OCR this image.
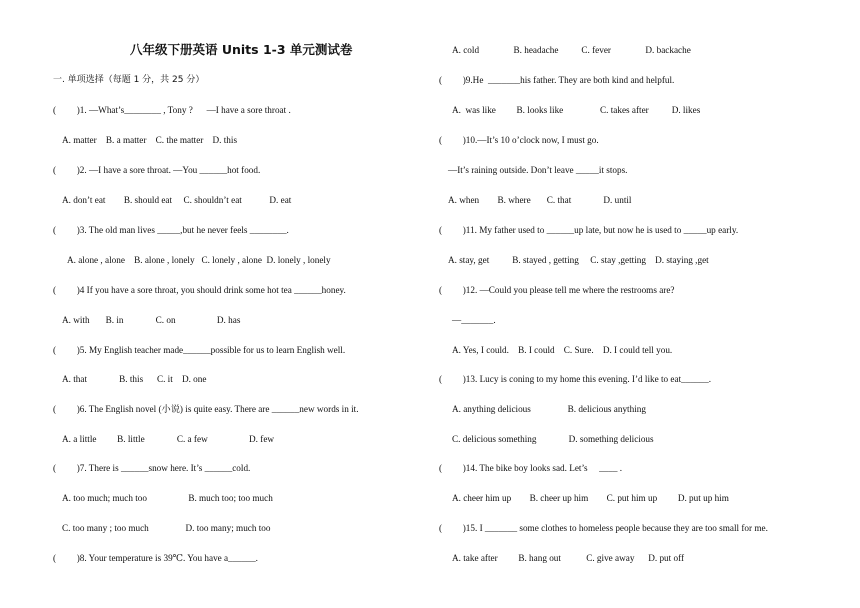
八年级下册英语 Units 1-3 单元测试卷
一. 单项选择（每题 1 分，共 25 分）
(         )1. —What’s________ , Tony ?      —I have a sore throat .
A. matter    B. a matter    C. the matter    D. this
(         )2. —I have a sore throat. —You ______hot food.
A. don’t eat        B. should eat     C. shouldn’t eat            D. eat
(         )3. The old man lives _____,but he never feels ________.
A. alone , alone    B. alone , lonely   C. lonely , alone  D. lonely , lonely
(         )4 If you have a sore throat, you should drink some hot tea ______honey.
A. with       B. in              C. on                  D. has
(         )5. My English teacher made______possible for us to learn English well.
A. that              B. this      C. it    D. one
(         )6. The English novel (小说) is quite easy. There are ______new words in it.
A. a little         B. little              C. a few                  D. few
(         )7. There is ______snow here. It’s ______cold.
A. too much; much too                  B. much too; too much
C. too many ; too much                D. too many; much too
(         )8. Your temperature is 39℃. You have a______.
A. cold               B. headache          C. fever               D. backache
(         )9.He  _______his father. They are both kind and helpful.
A.  was like         B. looks like                C. takes after          D. likes
(         )10.—It’s 10 o’clock now, I must go.
—It’s raining outside. Don’t leave _____it stops.
A. when        B. where       C. that              D. until
(         )11. My father used to ______up late, but now he is used to _____up early.
A. stay, get          B. stayed , getting     C. stay ,getting    D. staying ,get
(         )12. —Could you please tell me where the restrooms are?
—_______.
A. Yes, I could.    B. I could    C. Sure.    D. I could tell you.
(         )13. Lucy is coning to my home this evening. I’d like to eat______.
A. anything delicious                B. delicious anything
C. delicious something              D. something delicious
(         )14. The bike boy looks sad. Let’s     ____ .
A. cheer him up        B. cheer up him        C. put him up         D. put up him
(         )15. I _______ some clothes to homeless people because they are too small for me.
A. take after         B. hang out           C. give away      D. put off
